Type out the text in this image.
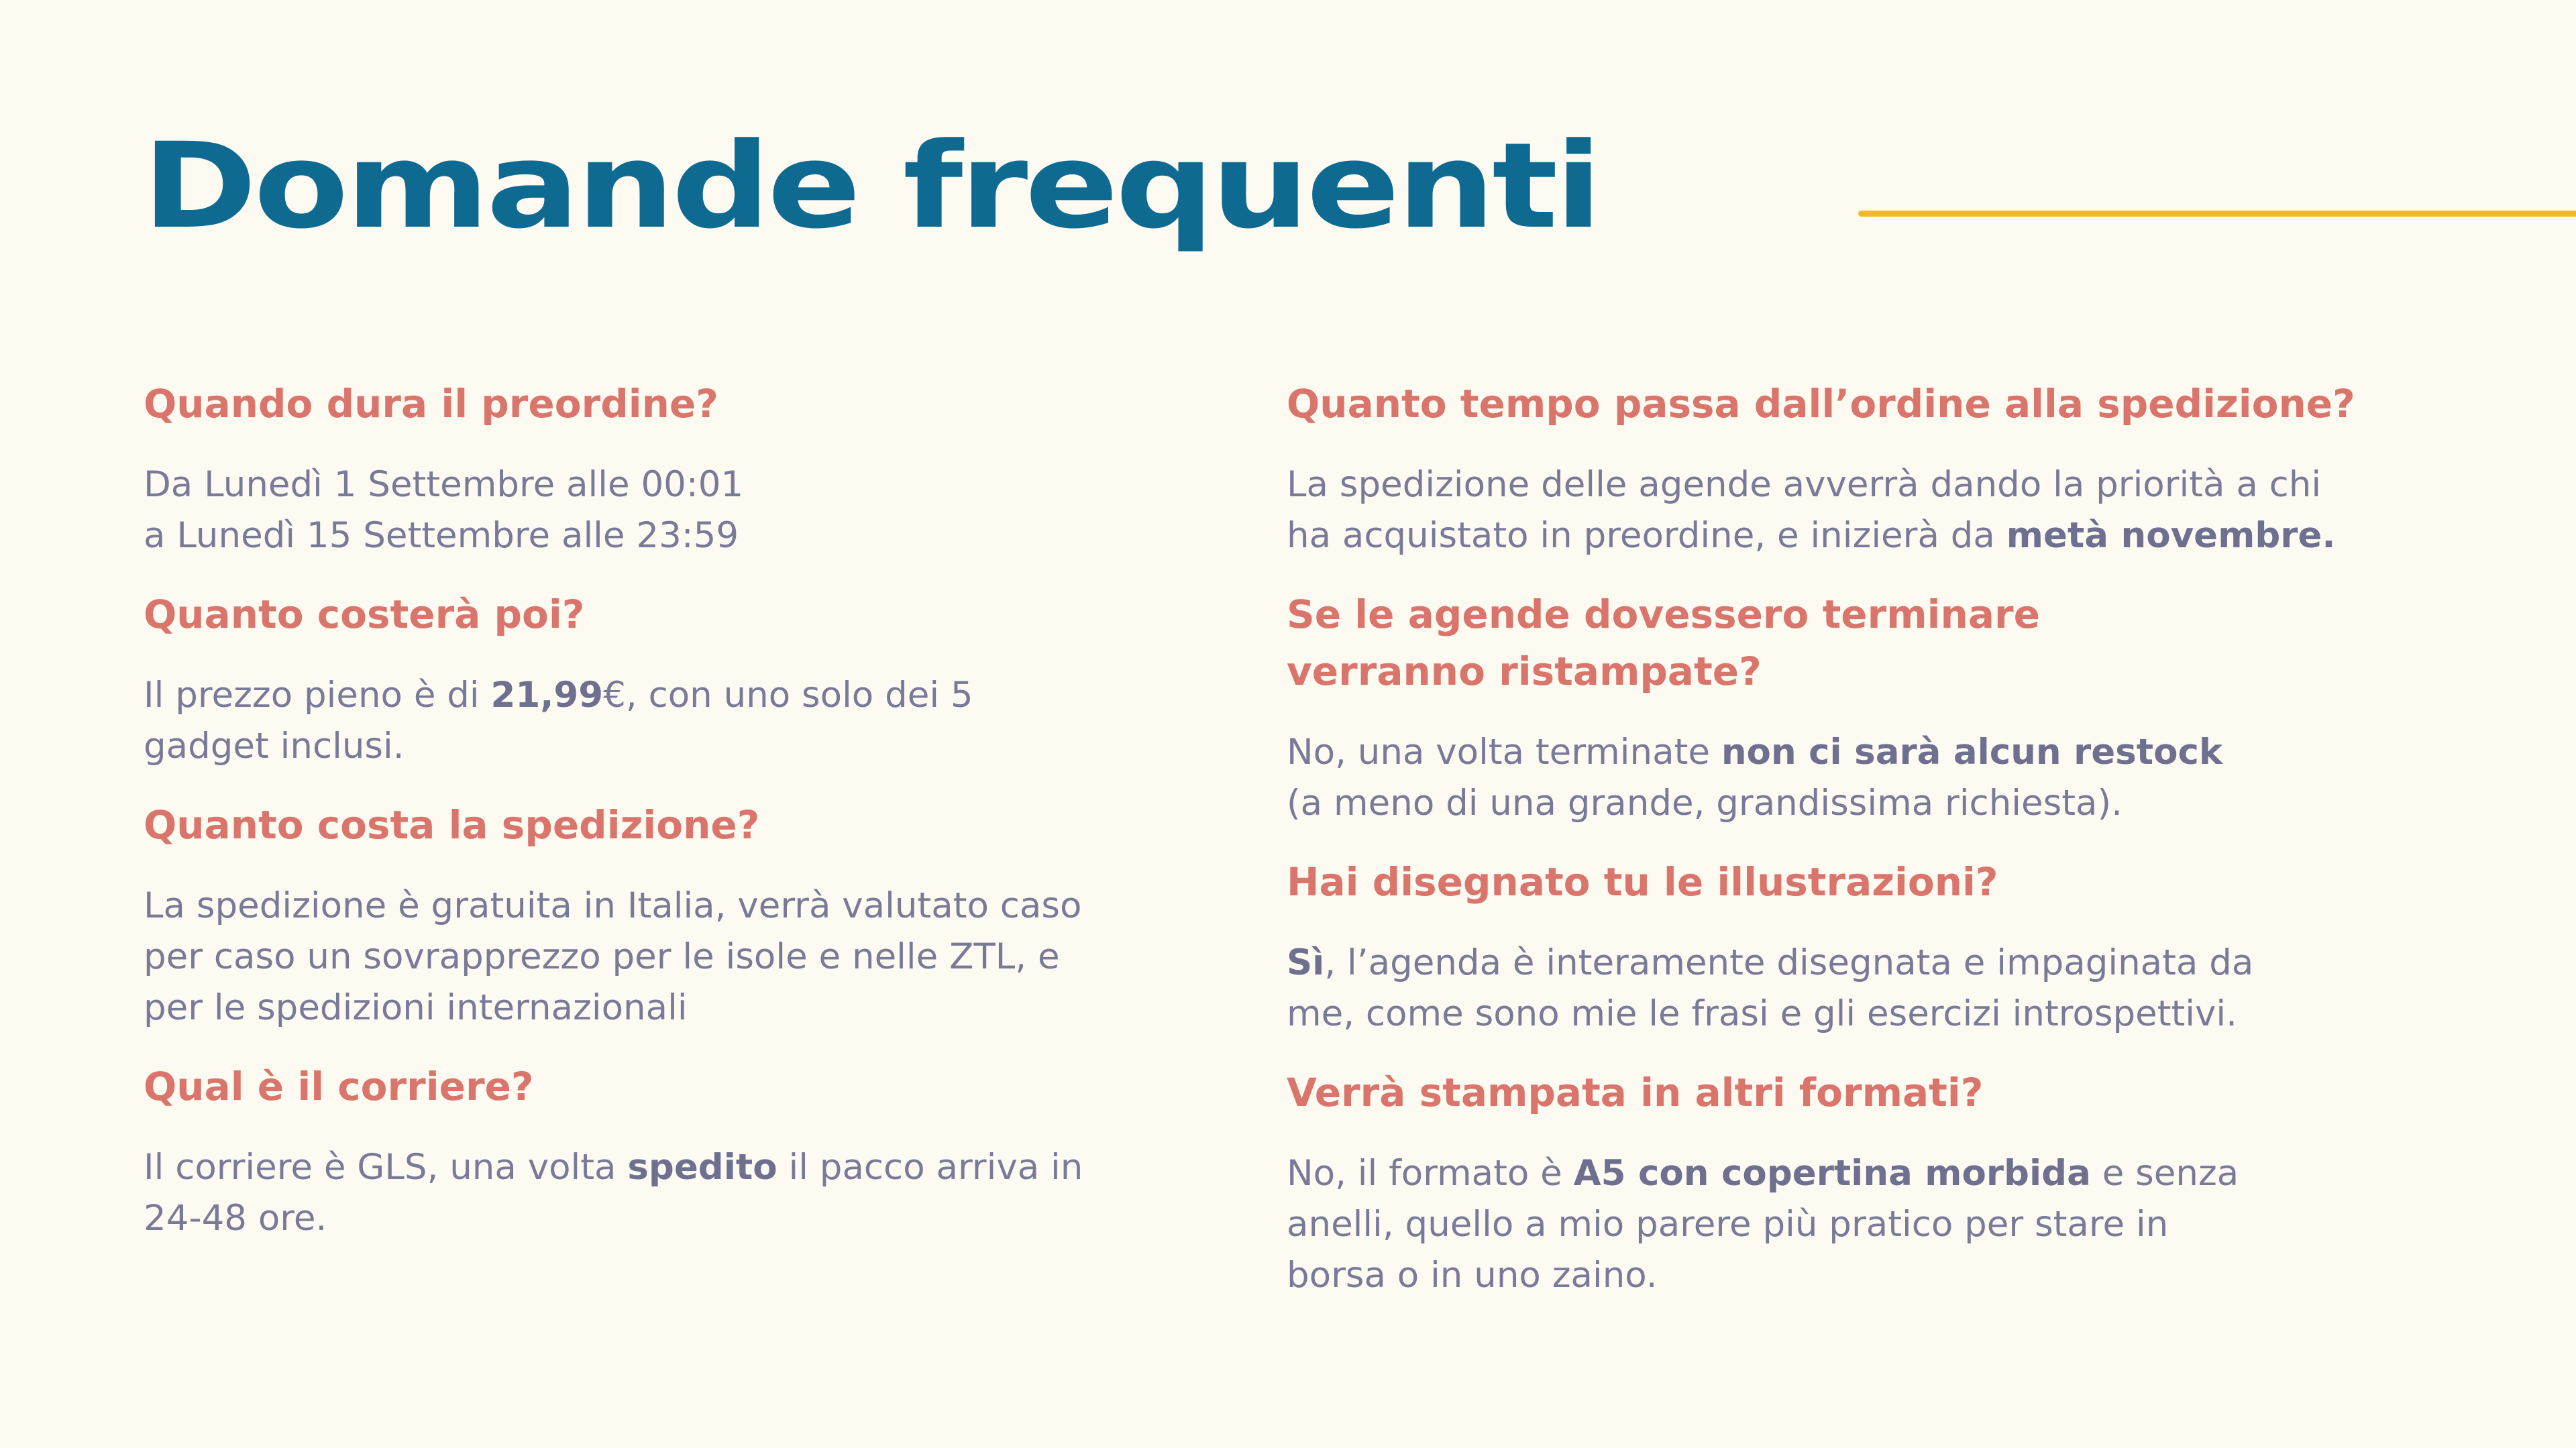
Domande frequenti

Quando dura il preordine?

Da Lunedì 1 Settembre alle 00:01
a Lunedì 15 Settembre alle 23:59

Quanto costerà poi?

Il prezzo pieno è di 21,99€, con uno solo dei 5
gadget inclusi.

Quanto costa la spedizione?

La spedizione è gratuita in Italia, verrà valutato caso
per caso un sovrapprezzo per le isole e nelle ZTL, e
per le spedizioni internazionali

Qual è il corriere?

Il corriere è GLS, una volta spedito il pacco arriva in
24-48 ore.

Quanto tempo passa dall’ordine alla spedizione?

La spedizione delle agende avverrà dando la priorità a chi
ha acquistato in preordine, e inizierà da metà novembre.

Se le agende dovessero terminare
verranno ristampate?

No, una volta terminate non ci sarà alcun restock
(a meno di una grande, grandissima richiesta).

Hai disegnato tu le illustrazioni?

Sì, l’agenda è interamente disegnata e impaginata da
me, come sono mie le frasi e gli esercizi introspettivi.

Verrà stampata in altri formati?

No, il formato è A5 con copertina morbida e senza
anelli, quello a mio parere più pratico per stare in
borsa o in uno zaino.
